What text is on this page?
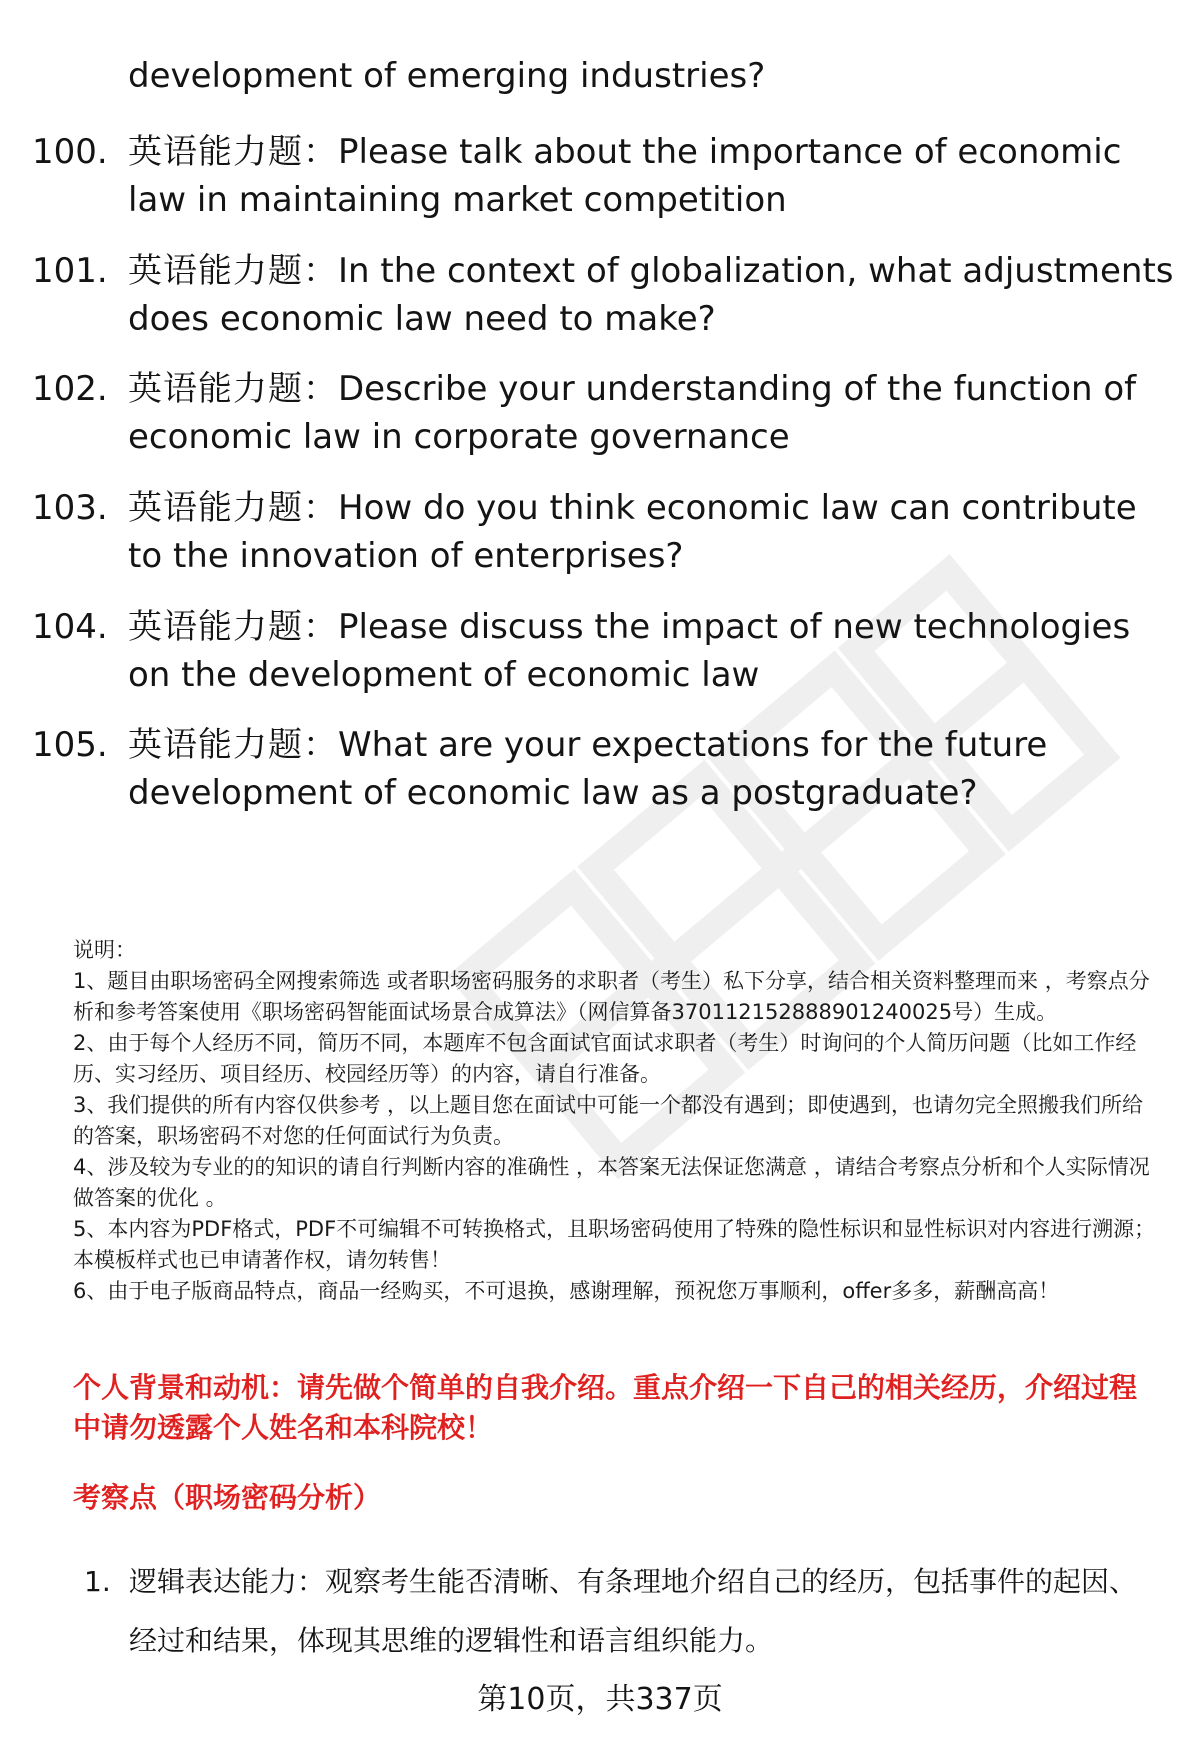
development of emerging industries?
100. 英语能力题：Please talk about the importance of economic law in maintaining market competition
101. 英语能力题：In the context of globalization, what adjustments does economic law need to make?
102. 英语能力题：Describe your understanding of the function of economic law in corporate governance
103. 英语能力题：How do you think economic law can contribute to the innovation of enterprises?
104. 英语能力题：Please discuss the impact of new technologies on the development of economic law
105. 英语能力题：What are your expectations for the future development of economic law as a postgraduate?

说明：

1、题目由职场密码全网搜索筛选 或者职场密码服务的求职者（考生）私下分享，结合相关资料整理而来 ，考察点分析和参考答案使用《职场密码智能面试场景合成算法》（网信算备370112152888901240025号）生成。

2、由于每个人经历不同，简历不同，本题库不包含面试官面试求职者（考生）时询问的个人简历问题（比如工作经历、实习经历、项目经历、校园经历等）的内容，请自行准备。

3、我们提供的所有内容仅供参考 ，以上题目您在面试中可能一个都没有遇到；即使遇到，也请勿完全照搬我们所给的答案，职场密码不对您的任何面试行为负责。

4、涉及较为专业的的知识的请自行判断内容的准确性 ，本答案无法保证您满意 ，请结合考察点分析和个人实际情况做答案的优化 。

5、本内容为PDF格式，PDF不可编辑不可转换格式，且职场密码使用了特殊的隐性标识和显性标识对内容进行溯源；本模板样式也已申请著作权，请勿转售！

6、由于电子版商品特点，商品一经购买，不可退换，感谢理解，预祝您万事顺利，offer多多，薪酬高高！

个人背景和动机：请先做个简单的自我介绍。重点介绍一下自己的相关经历，介绍过程中请勿透露个人姓名和本科院校！
考察点（职场密码分析）
1. 逻辑表达能力：观察考生能否清晰、有条理地介绍自己的经历，包括事件的起因、经过和结果，体现其思维的逻辑性和语言组织能力。
第10页，共337页
